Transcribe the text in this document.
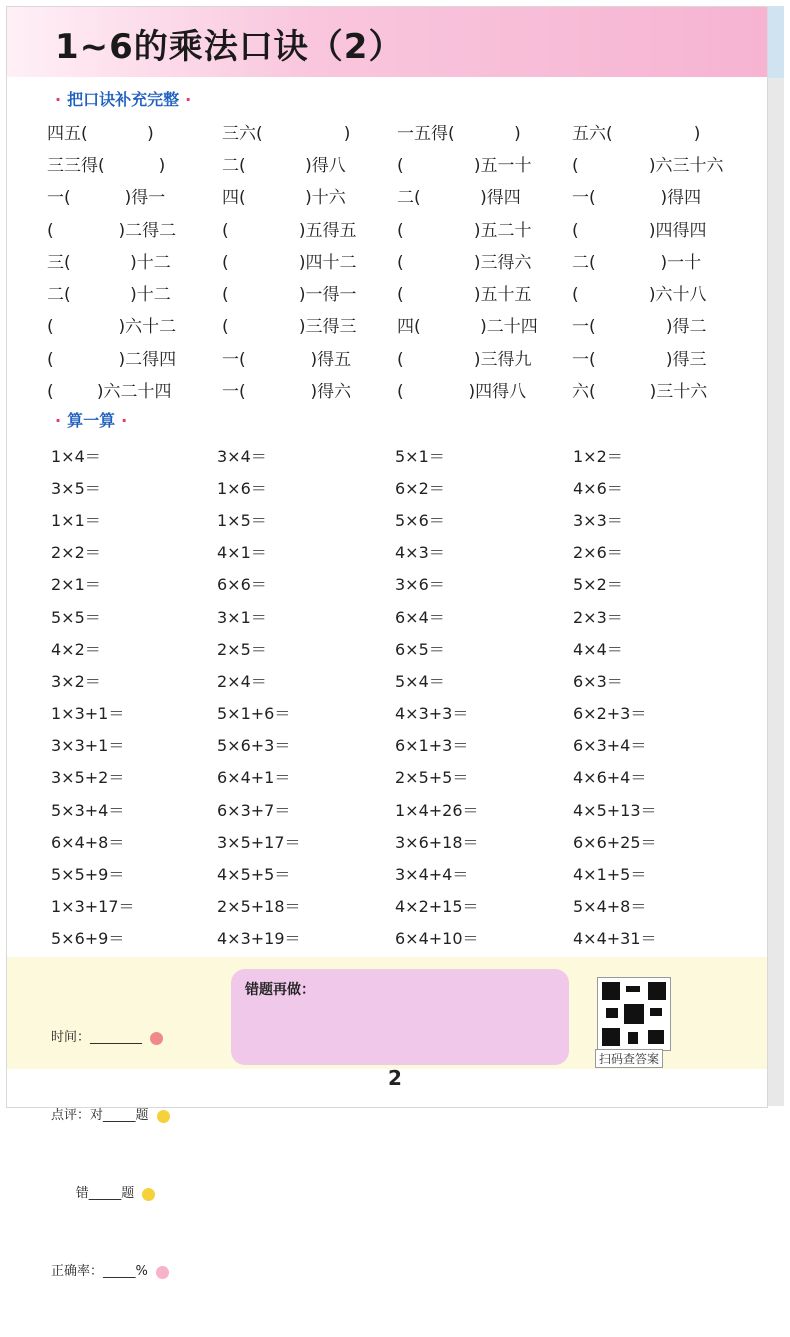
1~6的乘法口诀（2）
· 把口诀补充完整 ·
四五(           )	三六(               )	一五得(           )	五六(               )
三三得(          )	二(           )得八	(             )五一十	(             )六三十六
一(          )得一	四(           )十六	二(           )得四	一(            )得四
(            )二得二	(             )五得五	(             )五二十	(             )四得四
三(           )十二	(             )四十二	(             )三得六	二(            )一十
二(           )十二	(             )一得一	(             )五十五	(             )六十八
(            )六十二	(             )三得三	四(           )二十四	一(             )得二
(            )二得四	一(            )得五	(             )三得九	一(             )得三
(        )六二十四	一(            )得六	(            )四得八	六(          )三十六
· 算一算 ·
1×4＝	3×4＝	5×1＝	1×2＝
3×5＝	1×6＝	6×2＝	4×6＝
1×1＝	1×5＝	5×6＝	3×3＝
2×2＝	4×1＝	4×3＝	2×6＝
2×1＝	6×6＝	3×6＝	5×2＝
5×5＝	3×1＝	6×4＝	2×3＝
4×2＝	2×5＝	6×5＝	4×4＝
3×2＝	2×4＝	5×4＝	6×3＝
1×3+1＝	5×1+6＝	4×3+3＝	6×2+3＝
3×3+1＝	5×6+3＝	6×1+3＝	6×3+4＝
3×5+2＝	6×4+1＝	2×5+5＝	4×6+4＝
5×3+4＝	6×3+7＝	1×4+26＝	4×5+13＝
6×4+8＝	3×5+17＝	3×6+18＝	6×6+25＝
5×5+9＝	4×5+5＝	3×4+4＝	4×1+5＝
1×3+17＝	2×5+18＝	4×2+15＝	5×4+8＝
5×6+9＝	4×3+19＝	6×4+10＝	4×4+31＝

时间：________

点评：对_____题

错_____题

正确率：_____%

错题再做：
扫码查答案
2
